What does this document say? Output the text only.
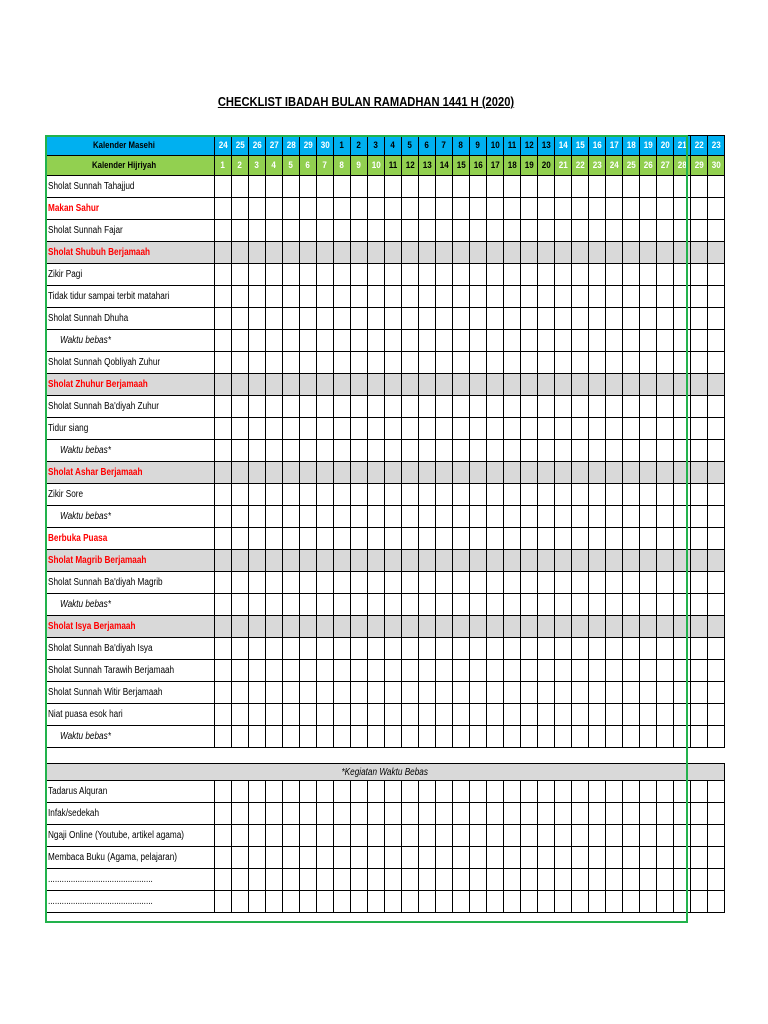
CHECKLIST IBADAH BULAN RAMADHAN 1441 H (2020)
Kalender Masehi	24	25	26	27	28	29	30	1	2	3	4	5	6	7	8	9	10	11	12	13	14	15	16	17	18	19	20	21	22	23
Kalender Hijriyah	1	2	3	4	5	6	7	8	9	10	11	12	13	14	15	16	17	18	19	20	21	22	23	24	25	26	27	28	29	30
Sholat Sunnah Tahajjud																														
Makan Sahur																														
Sholat Sunnah Fajar																														
Sholat Shubuh Berjamaah																														
Zikir Pagi																														
Tidak tidur sampai terbit matahari																														
Sholat Sunnah Dhuha																														
Waktu bebas*																														
Sholat Sunnah Qobliyah Zuhur																														
Sholat Zhuhur Berjamaah																														
Sholat Sunnah Ba'diyah Zuhur																														
Tidur siang																														
Waktu bebas*																														
Sholat Ashar Berjamaah																														
Zikir Sore																														
Waktu bebas*																														
Berbuka Puasa																														
Sholat Magrib Berjamaah																														
Sholat Sunnah Ba'diyah Magrib																														
Waktu bebas*																														
Sholat Isya Berjamaah																														
Sholat Sunnah Ba'diyah Isya																														
Sholat Sunnah Tarawih Berjamaah																														
Sholat Sunnah Witir Berjamaah																														
Niat puasa esok hari																														
Waktu bebas*																														

*Kegiatan Waktu Bebas																														
Tadarus Alquran																														
Infak/sedekah																														
Ngaji Online (Youtube, artikel agama)																														
Membaca Buku (Agama, pelajaran)																														
..............................................																														
..............................................																														
